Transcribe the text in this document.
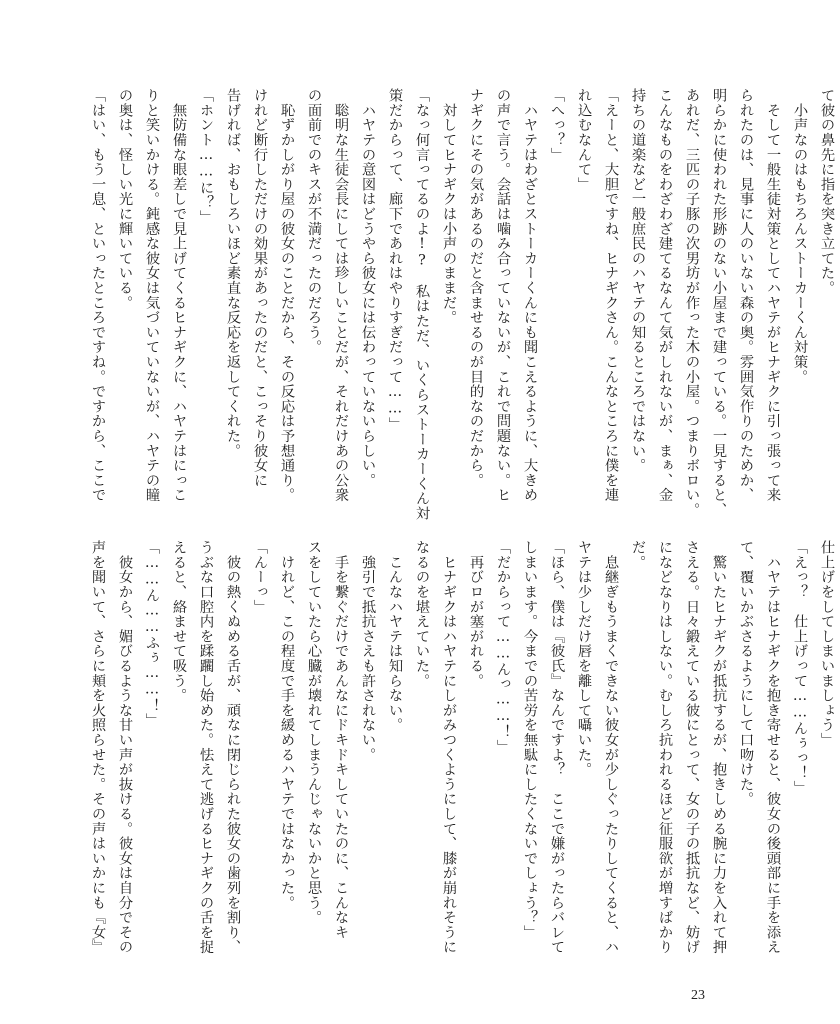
て彼の鼻先に指を突き立てた。
　小声なのはもちろんストーカーくん対策。
　そして一般生徒対策としてハヤテがヒナギクに引っ張って来
られたのは、見事に人のいない森の奥。雰囲気作りのためか、
明らかに使われた形跡のない小屋まで建っている。一見すると、
あれだ、三匹の子豚の次男坊が作った木の小屋。つまりボロい。
こんなものをわざわざ建てるなんて気がしれないが、まぁ、金
持ちの道楽など一般庶民のハヤテの知るところではない。
「えーと、大胆ですね、ヒナギクさん。こんなところに僕を連
れ込むなんて」
「へっ？」
　ハヤテはわざとストーカーくんにも聞こえるように、大きめ
の声で言う。会話は噛み合っていないが、これで問題ない。ヒ
ナギクにその気があるのだと含ませるのが目的なのだから。
　対してヒナギクは小声のままだ。
「なっ何言ってるのよ!?　私はただ、いくらストーカーくん対
策だからって、廊下であれはやりすぎだって……」
　ハヤテの意図はどうやら彼女には伝わっていないらしい。
　聡明な生徒会長にしては珍しいことだが、それだけあの公衆
の面前でのキスが不満だったのだろう。
　恥ずかしがり屋の彼女のことだから、その反応は予想通り。
けれど断行しただけの効果があったのだと、こっそり彼女に
告げれば、おもしろいほど素直な反応を返してくれた。
「ホント……に？」
　無防備な眼差しで見上げてくるヒナギクに、ハヤテはにっこ
りと笑いかける。鈍感な彼女は気づいていないが、ハヤテの瞳
の奥は、怪しい光に輝いている。
「はい、もう一息、といったところですね。ですから、ここで
仕上げをしてしまいましょう」
「えっ？　仕上げって……んぅっ！」
　ハヤテはヒナギクを抱き寄せると、彼女の後頭部に手を添え
て、覆いかぶさるようにして口吻けた。
　驚いたヒナギクが抵抗するが、抱きしめる腕に力を入れて押
さえる。日々鍛えている彼にとって、女の子の抵抗など、妨げ
になどなりはしない。むしろ抗われるほど征服欲が増すばかり
だ。
　息継ぎもうまくできない彼女が少しぐったりしてくると、ハ
ヤテは少しだけ唇を離して囁いた。
「ほら、僕は『彼氏』なんですよ？　ここで嫌がったらバレて
しまいます。今までの苦労を無駄にしたくないでしょう？」
「だからって……んっ……！」
　再びロが塞がれる。
　ヒナギクはハヤテにしがみつくようにして、膝が崩れそうに
なるのを堪えていた。
　こんなハヤテは知らない。
　強引で抵抗さえも許されない。
　手を繋ぐだけであんなにドキドキしていたのに、こんなキ
スをしていたら心臓が壊れてしまうんじゃないかと思う。
　けれど、この程度で手を緩めるハヤテではなかった。
「んーっ」
　彼の熱くぬめる舌が、頑なに閉じられた彼女の歯列を割り、
うぶな口腔内を蹂躙し始めた。怯えて逃げるヒナギクの舌を捉
えると、絡ませて吸う。
「……ん……ふぅ……！」
　彼女から、媚びるような甘い声が抜ける。彼女は自分でその
声を聞いて、さらに頬を火照らせた。その声はいかにも『女』
23
